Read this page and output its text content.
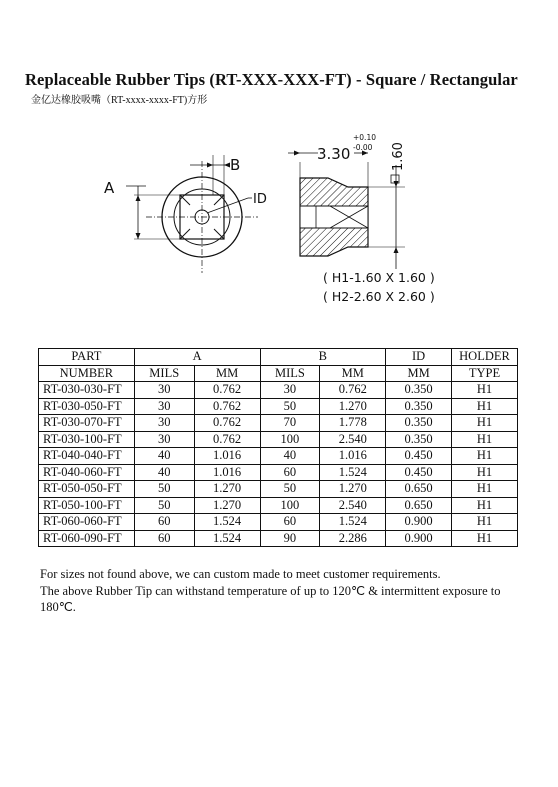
Replaceable Rubber Tips (RT-XXX-XXX-FT) - Square / Rectangular
金亿达橡胶吸嘴（RT-xxxx-xxxx-FT)方形
A
B
ID
3.30
+0.10
-0.00 1.60
( H1-1.60 X 1.60 )
( H2-2.60 X 2.60 )
PART	A		B		ID	HOLDER
NUMBER	MILS	MM	MILS	MM	MM	TYPE
RT-030-030-FT	30	0.762	30	0.762	0.350	H1
RT-030-050-FT	30	0.762	50	1.270	0.350	H1
RT-030-070-FT	30	0.762	70	1.778	0.350	H1
RT-030-100-FT	30	0.762	100	2.540	0.350	H1
RT-040-040-FT	40	1.016	40	1.016	0.450	H1
RT-040-060-FT	40	1.016	60	1.524	0.450	H1
RT-050-050-FT	50	1.270	50	1.270	0.650	H1
RT-050-100-FT	50	1.270	100	2.540	0.650	H1
RT-060-060-FT	60	1.524	60	1.524	0.900	H1
RT-060-090-FT	60	1.524	90	2.286	0.900	H1

For sizes not found above, we can custom made to meet customer requirements.

The above Rubber Tip can withstand temperature of up to 120℃ & intermittent exposure to 180℃.
